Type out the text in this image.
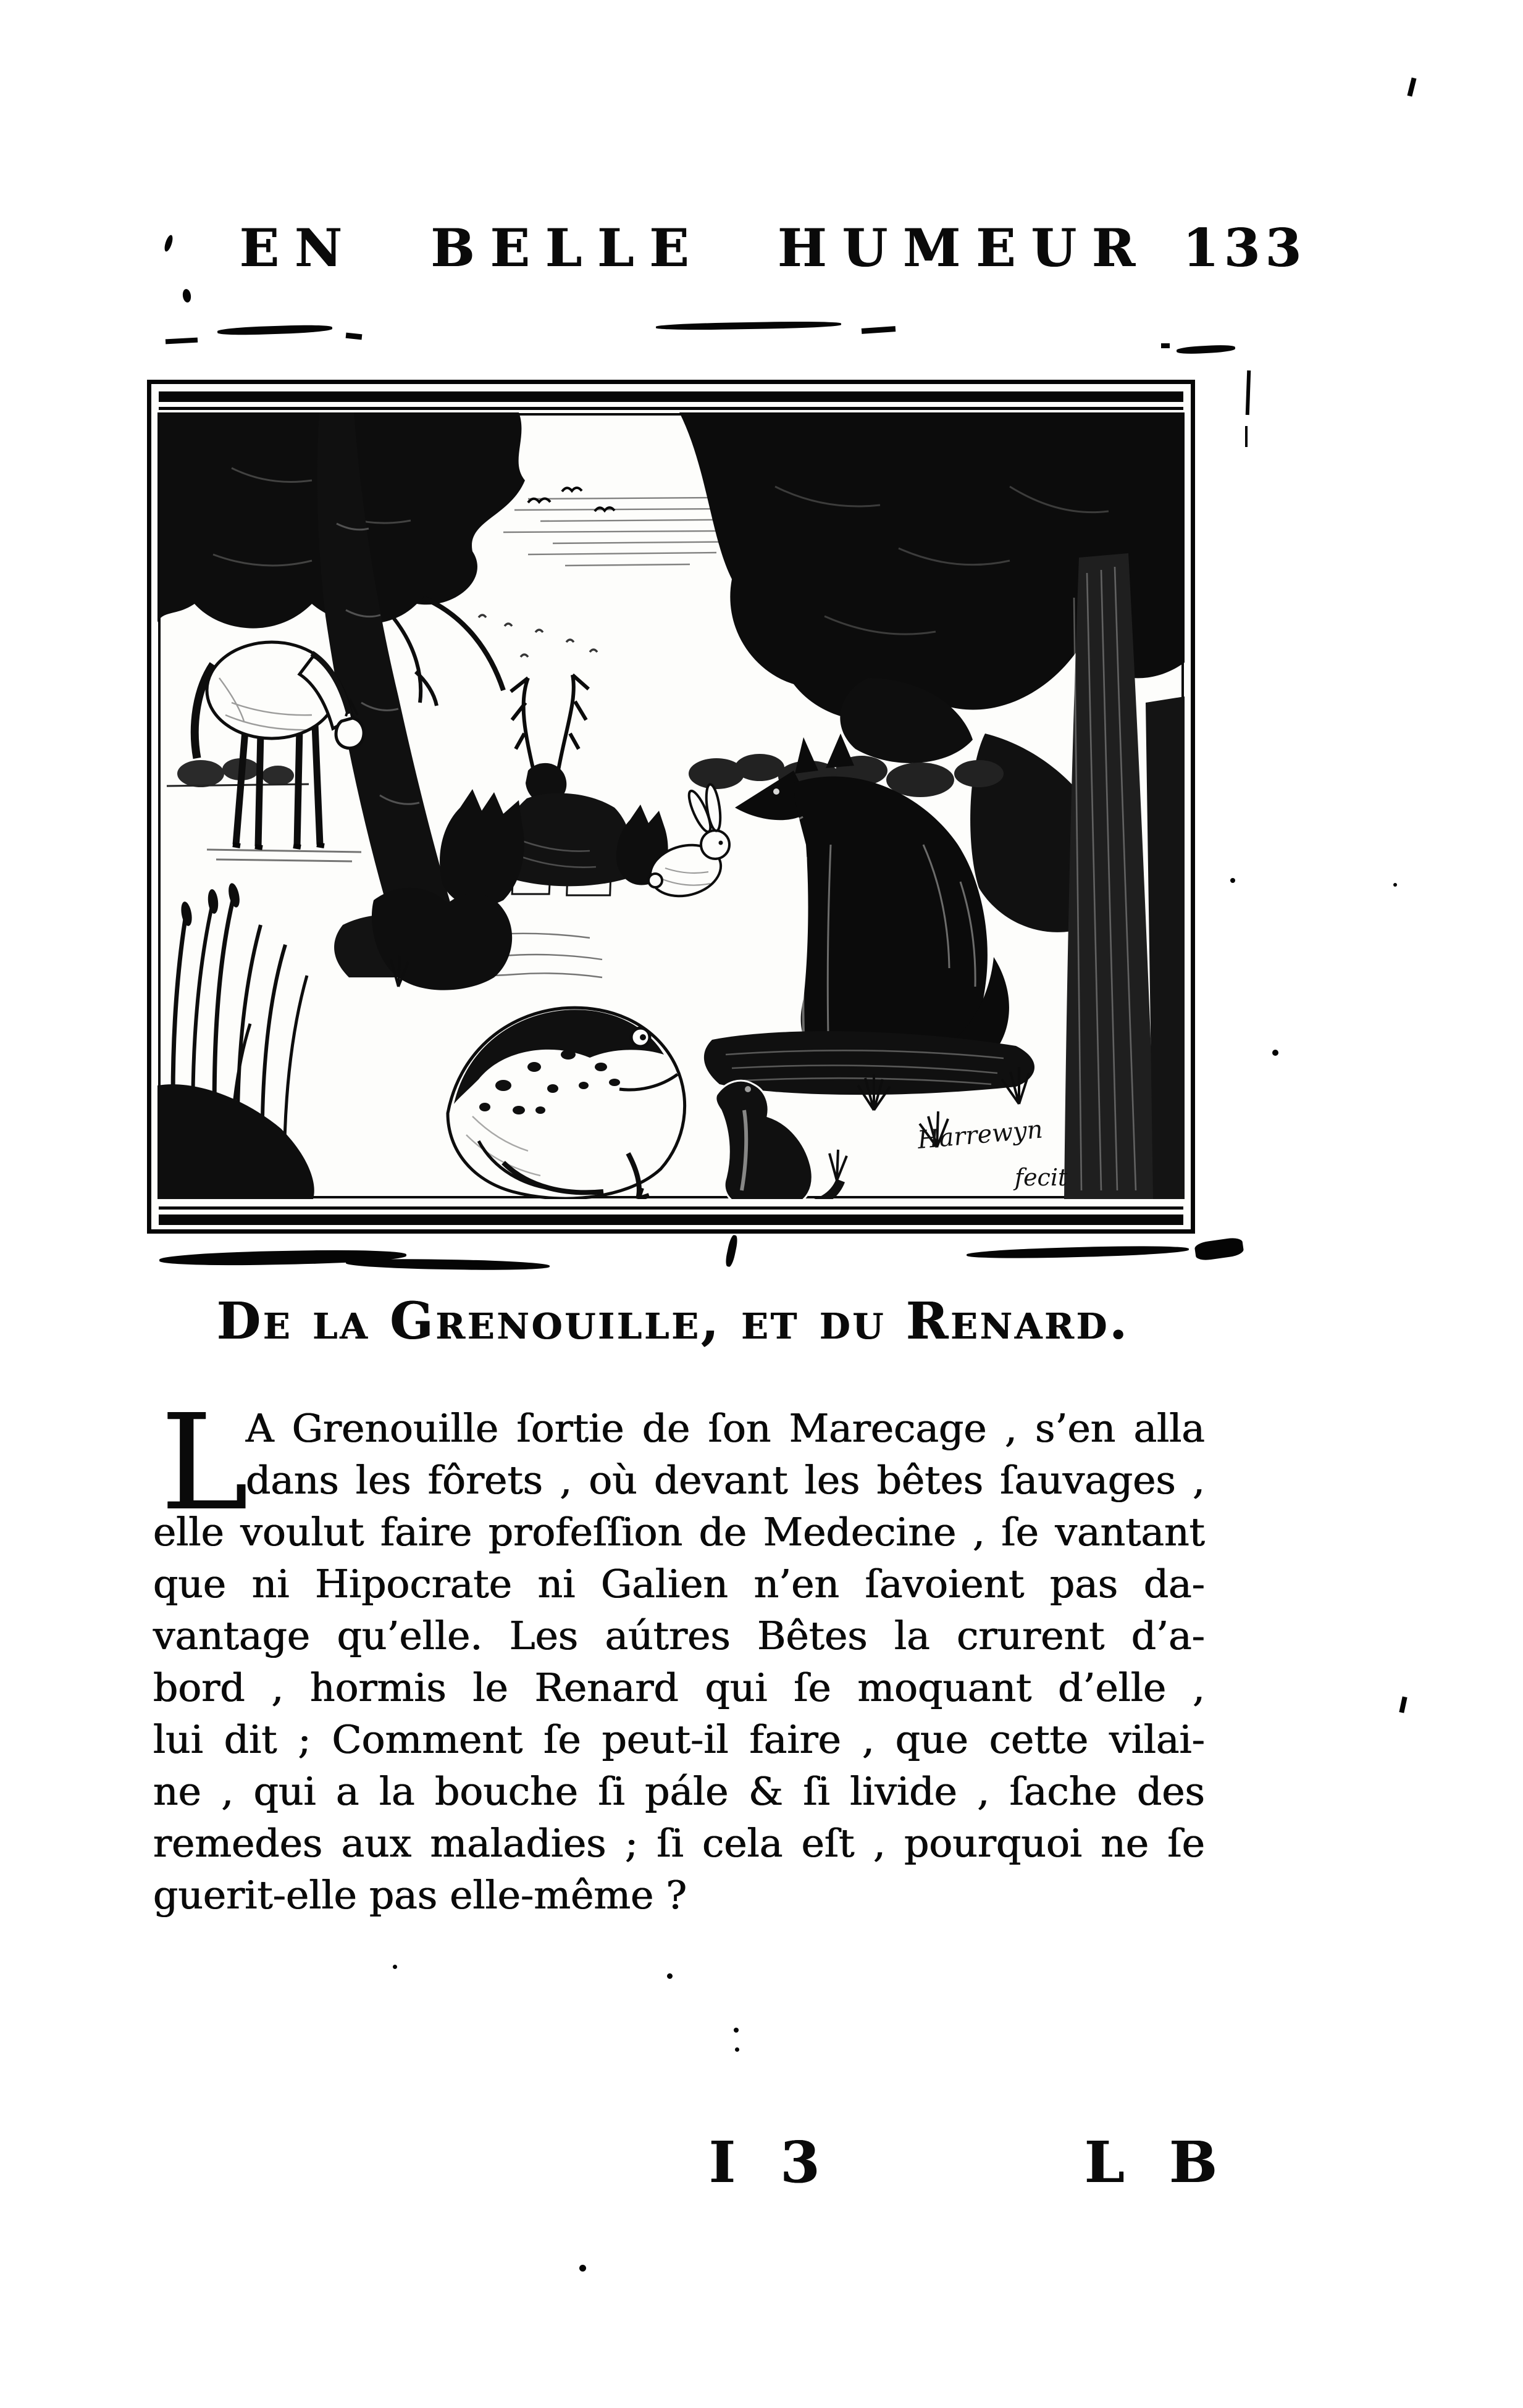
EN BELLE HUMEUR 133
Harrewyn
fecit
De la Grenouille, et du Renard.
L
A Grenouille ſortie de ſon Marecage , s’en alla
dans les fôrets , où devant les bêtes ſauvages ,
elle voulut faire profeſſion de Medecine , ſe vantant
que ni Hipocrate ni Galien n’en ſavoient pas da-
vantage qu’elle. Les aútres Bêtes la crurent d’a-
bord , hormis le Renard qui ſe moquant d’elle ,
lui dit ; Comment ſe peut-il faire , que cette vilai-
ne , qui a la bouche ſi pále & ſi livide , ſache des
remedes aux maladies ; ſi cela eſt , pourquoi ne ſe
guerit-elle pas elle-même ?
I 3	L B
